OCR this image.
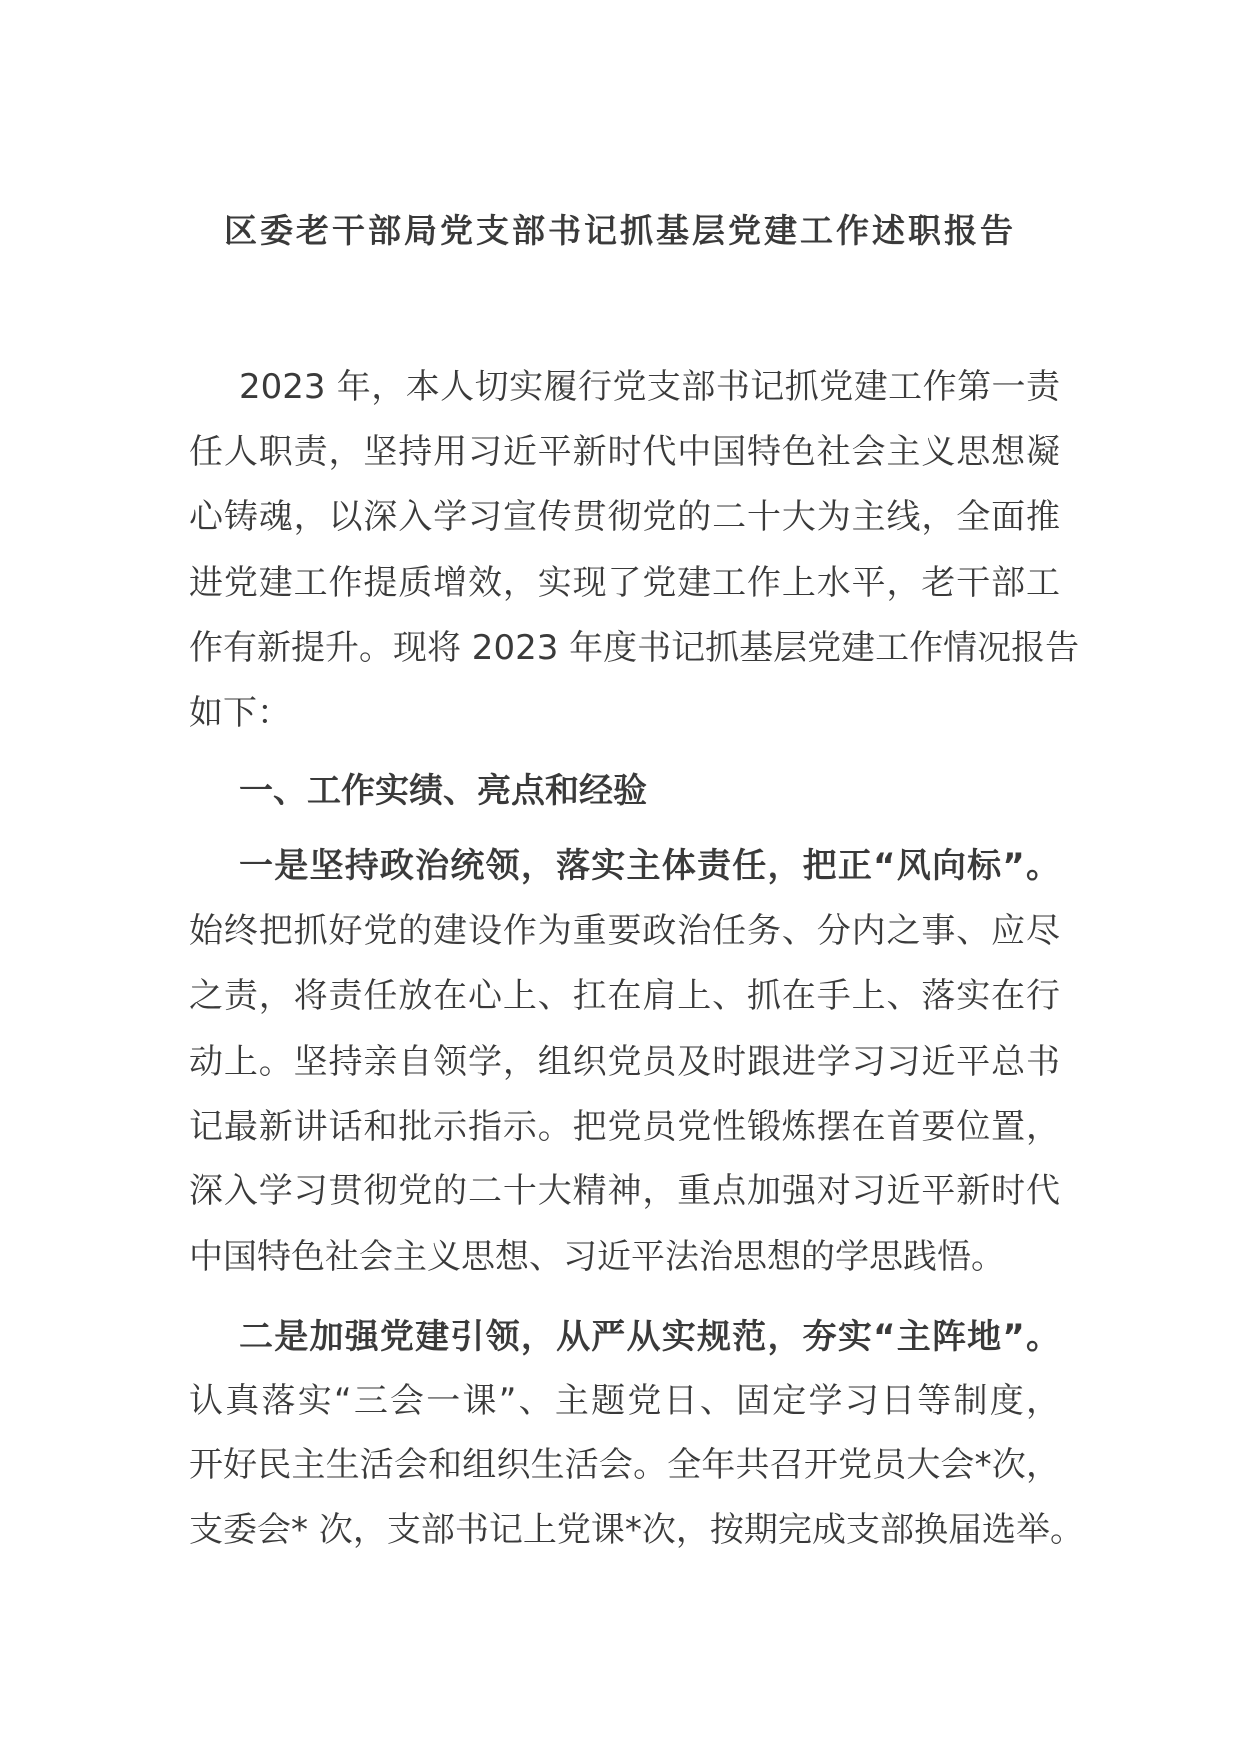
区委老干部局党支部书记抓基层党建工作述职报告
2023 年，本人切实履行党支部书记抓党建工作第一责
任人职责，坚持用习近平新时代中国特色社会主义思想凝
心铸魂，以深入学习宣传贯彻党的二十大为主线，全面推
进党建工作提质增效，实现了党建工作上水平，老干部工
作有新提升。现将 2023 年度书记抓基层党建工作情况报告
如下：
一、工作实绩、亮点和经验
一是坚持政治统领，落实主体责任，把正“风向标”。
始终把抓好党的建设作为重要政治任务、分内之事、应尽
之责，将责任放在心上、扛在肩上、抓在手上、落实在行
动上。坚持亲自领学，组织党员及时跟进学习习近平总书
记最新讲话和批示指示。把党员党性锻炼摆在首要位置，
深入学习贯彻党的二十大精神，重点加强对习近平新时代
中国特色社会主义思想、习近平法治思想的学思践悟。
二是加强党建引领，从严从实规范，夯实“主阵地”。
认真落实“三会一课”、主题党日、固定学习日等制度，
开好民主生活会和组织生活会。全年共召开党员大会*次，
支委会* 次，支部书记上党课*次，按期完成支部换届选举。
